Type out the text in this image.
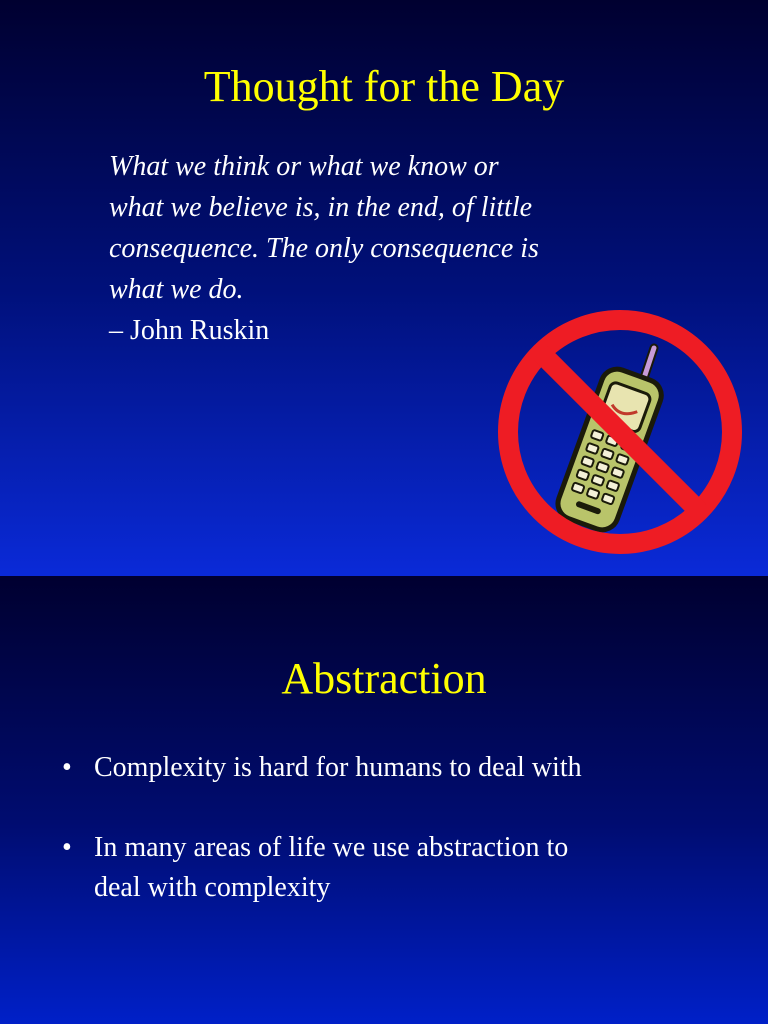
Thought for the Day
What we think or what we know or
what we believe is, in the end, of little
consequence. The only consequence is
what we do.
– John Ruskin
Abstraction
• Complexity is hard for humans to deal with
• In many areas of life we use abstraction to
deal with complexity
